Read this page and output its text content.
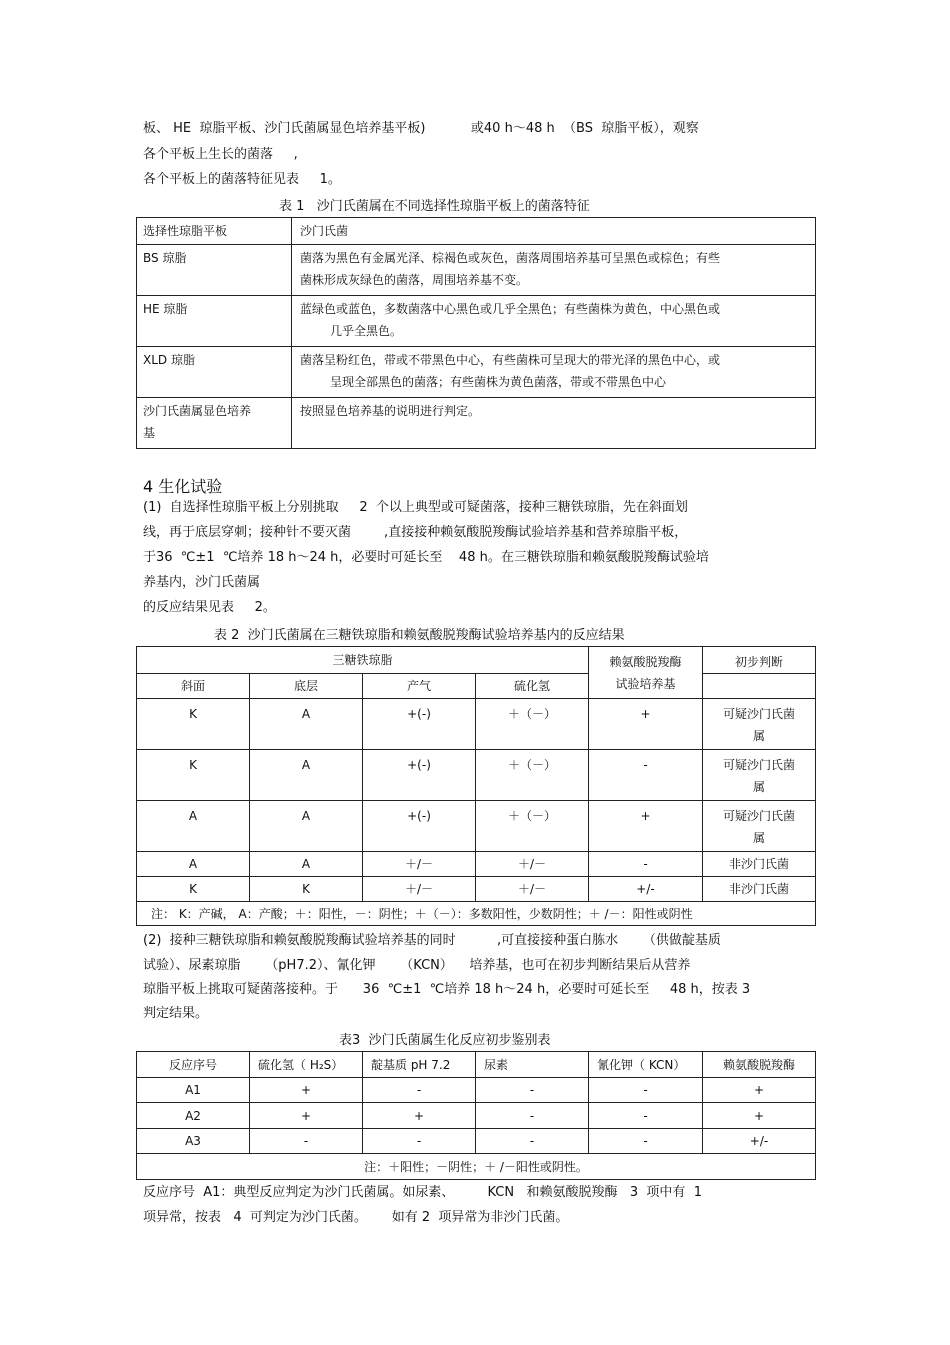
板、 HE  琼脂平板、沙门氏菌属显色培养基平板)           或40 h～48 h  （BS  琼脂平板），观察
各个平板上生长的菌落     ,
各个平板上的菌落特征见表     1。
表 1   沙门氏菌属在不同选择性琼脂平板上的菌落特征
选择性琼脂平板	沙门氏菌
BS 琼脂	菌落为黑色有金属光泽、棕褐色或灰色，菌落周围培养基可呈黑色或棕色；有些
菌株形成灰绿色的菌落，周围培养基不变。

HE 琼脂	蓝绿色或蓝色，多数菌落中心黑色或几乎全黑色；有些菌株为黄色，中心黑色或
几乎全黑色。
XLD 琼脂	菌落呈粉红色，带或不带黑色中心，有些菌株可呈现大的带光泽的黑色中心，或
呈现全部黑色的菌落；有些菌株为黄色菌落，带或不带黑色中心

沙门氏菌属显色培养
基	按照显色培养基的说明进行判定。
4 生化试验
(1)  自选择性琼脂平板上分别挑取     2  个以上典型或可疑菌落，接种三糖铁琼脂，先在斜面划
线，再于底层穿刺；接种针不要灭菌        ,直接接种赖氨酸脱羧酶试验培养基和营养琼脂平板，
于36  ℃±1  ℃培养 18 h～24 h，必要时可延长至    48 h。在三糖铁琼脂和赖氨酸脱羧酶试验培
养基内，沙门氏菌属
的反应结果见表     2。
表 2  沙门氏菌属在三糖铁琼脂和赖氨酸脱羧酶试验培养基内的反应结果
三糖铁琼脂				赖氨酸脱羧酶
试验培养基	初步判断
斜面	底层	产气	硫化氢		
K	A	+(-)	＋（－）	+	可疑沙门氏菌
属

K	A	+(-)	＋（－）	-	可疑沙门氏菌
属

A	A	+(-)	＋（－）	+	可疑沙门氏菌
属

A	A	＋/－	＋/－	-	非沙门氏菌
K	K	＋/－	＋/－	+/-	非沙门氏菌
注： K：产碱， A：产酸；＋：阳性，－：阴性；＋（－）：多数阳性，少数阴性；＋ /－：阳性或阴性					
(2)  接种三糖铁琼脂和赖氨酸脱羧酶试验培养基的同时          ,可直接接种蛋白胨水      （供做靛基质
试验）、尿素琼脂      （pH7.2）、氰化钾      （KCN）    培养基，也可在初步判断结果后从营养
琼脂平板上挑取可疑菌落接种。于      36  ℃±1  ℃培养 18 h～24 h，必要时可延长至     48 h，按表 3
判定结果。
表3  沙门氏菌属生化反应初步鉴别表
反应序号	硫化氢（ H₂S）	靛基质 pH 7.2	尿素	氰化钾（ KCN）	赖氨酸脱羧酶
A1	+	-	-	-	+
A2	+	+	-	-	+
A3	-	-	-	-	+/-
注：＋阳性；－阴性；＋ /－阳性或阴性。					
反应序号  A1：典型反应判定为沙门氏菌属。如尿素、        KCN   和赖氨酸脱羧酶   3  项中有  1
项异常，按表   4  可判定为沙门氏菌。      如有 2  项异常为非沙门氏菌。
